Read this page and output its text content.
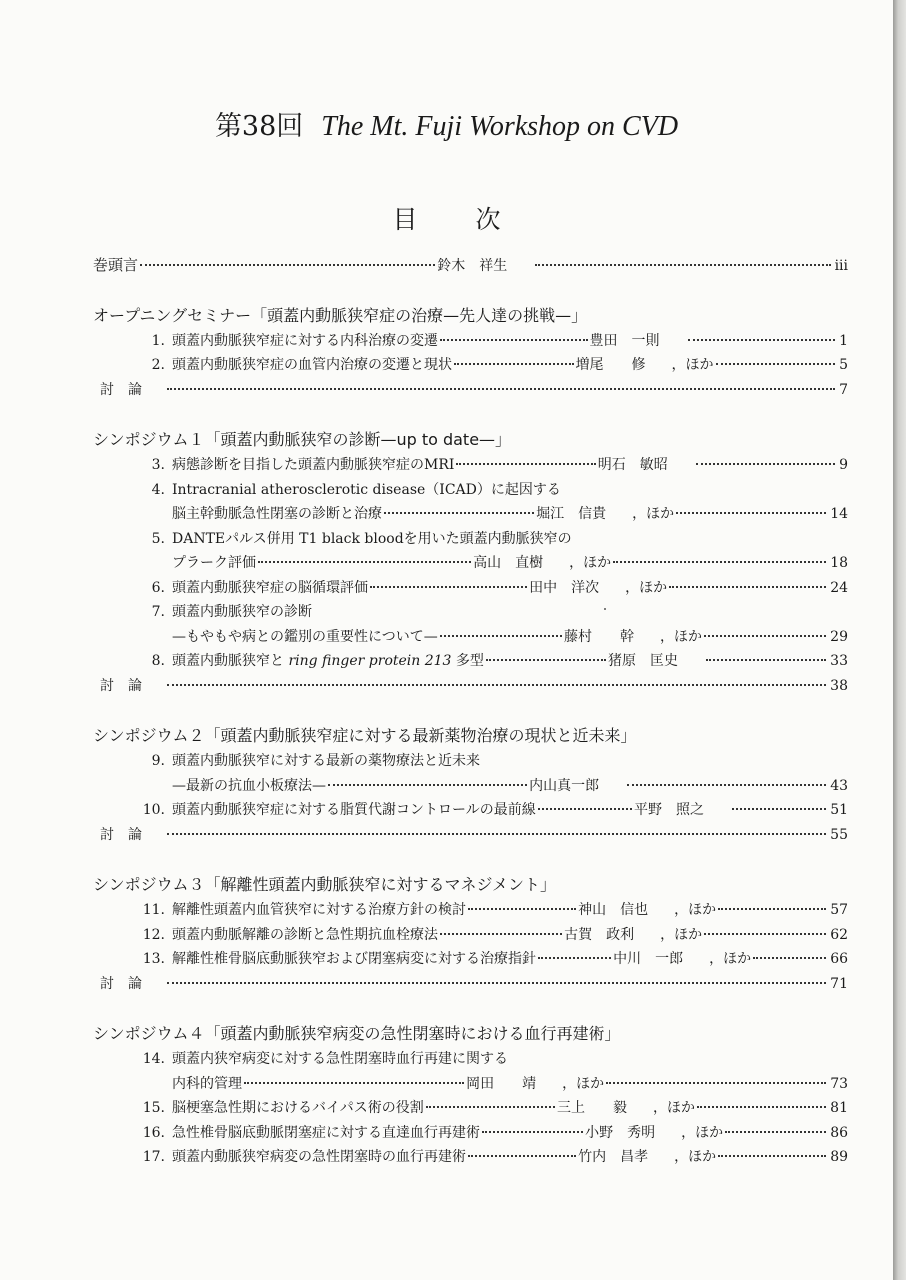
第38回 The Mt. Fuji Workshop on CVD
目 次
巻頭言	鈴木　祥生	iii
オープニングセミナー「頭蓋内動脈狭窄症の治療—先人達の挑戦—」
1. 頭蓋内動脈狭窄症に対する内科治療の変遷	豊田　一則	1
2. 頭蓋内動脈狭窄症の血管内治療の変遷と現状	増尾　　修	，ほか	5
討　論	7
シンポジウム１「頭蓋内動脈狭窄の診断—up to date—」
3. 病態診断を目指した頭蓋内動脈狭窄症のMRI	明石　敏昭	9
4. Intracranial atherosclerotic disease（ICAD）に起因する
脳主幹動脈急性閉塞の診断と治療	堀江　信貴	，ほか	14
5. DANTEパルス併用 T1 black bloodを用いた頭蓋内動脈狭窄の
プラーク評価	高山　直樹	，ほか	18
6. 頭蓋内動脈狭窄症の脳循環評価	田中　洋次	，ほか	24
7. 頭蓋内動脈狭窄の診断
—もやもや病との鑑別の重要性について—	藤村　　幹	，ほか	29
8. 頭蓋内動脈狭窄と ring finger protein 213 多型	猪原　匡史	33
討　論	38
シンポジウム２「頭蓋内動脈狭窄症に対する最新薬物治療の現状と近未来」
9. 頭蓋内動脈狭窄に対する最新の薬物療法と近未来
—最新の抗血小板療法—	内山真一郎	43
10. 頭蓋内動脈狭窄症に対する脂質代謝コントロールの最前線	平野　照之	51
討　論	55
シンポジウム３「解離性頭蓋内動脈狭窄に対するマネジメント」
11. 解離性頭蓋内血管狭窄に対する治療方針の検討	神山　信也	，ほか	57
12. 頭蓋内動脈解離の診断と急性期抗血栓療法	古賀　政利	，ほか	62
13. 解離性椎骨脳底動脈狭窄および閉塞病変に対する治療指針	中川　一郎	，ほか	66
討　論	71
シンポジウム４「頭蓋内動脈狭窄病変の急性閉塞時における血行再建術」
14. 頭蓋内狭窄病変に対する急性閉塞時血行再建に関する
内科的管理	岡田　　靖	，ほか	73
15. 脳梗塞急性期におけるバイパス術の役割	三上　　毅	，ほか	81
16. 急性椎骨脳底動脈閉塞症に対する直達血行再建術	小野　秀明	，ほか	86
17. 頭蓋内動脈狭窄病変の急性閉塞時の血行再建術	竹内　昌孝	，ほか	89
